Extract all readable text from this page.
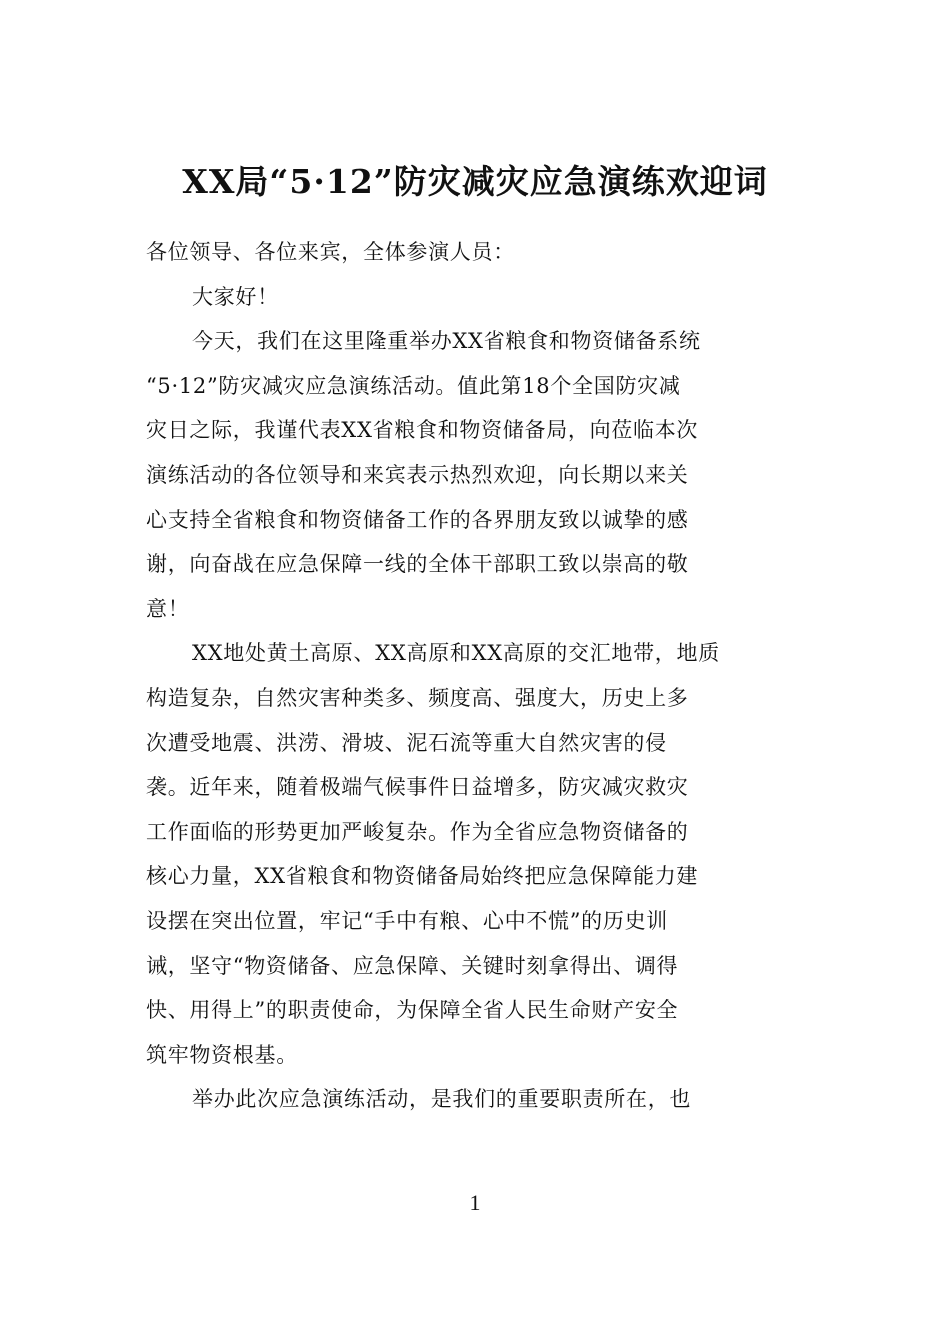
XX局“5·12”防灾减灾应急演练欢迎词

各位领导、各位来宾，全体参演人员：

大家好！

今天，我们在这里隆重举办XX省粮食和物资储备系统

“5·12”防灾减灾应急演练活动。值此第18个全国防灾减

灾日之际，我谨代表XX省粮食和物资储备局，向莅临本次

演练活动的各位领导和来宾表示热烈欢迎，向长期以来关

心支持全省粮食和物资储备工作的各界朋友致以诚挚的感

谢，向奋战在应急保障一线的全体干部职工致以崇高的敬

意！

XX地处黄土高原、XX高原和XX高原的交汇地带，地质

构造复杂，自然灾害种类多、频度高、强度大，历史上多

次遭受地震、洪涝、滑坡、泥石流等重大自然灾害的侵

袭。近年来，随着极端气候事件日益增多，防灾减灾救灾

工作面临的形势更加严峻复杂。作为全省应急物资储备的

核心力量，XX省粮食和物资储备局始终把应急保障能力建

设摆在突出位置，牢记“手中有粮、心中不慌”的历史训

诫，坚守“物资储备、应急保障、关键时刻拿得出、调得

快、用得上”的职责使命，为保障全省人民生命财产安全

筑牢物资根基。

举办此次应急演练活动，是我们的重要职责所在，也

1
